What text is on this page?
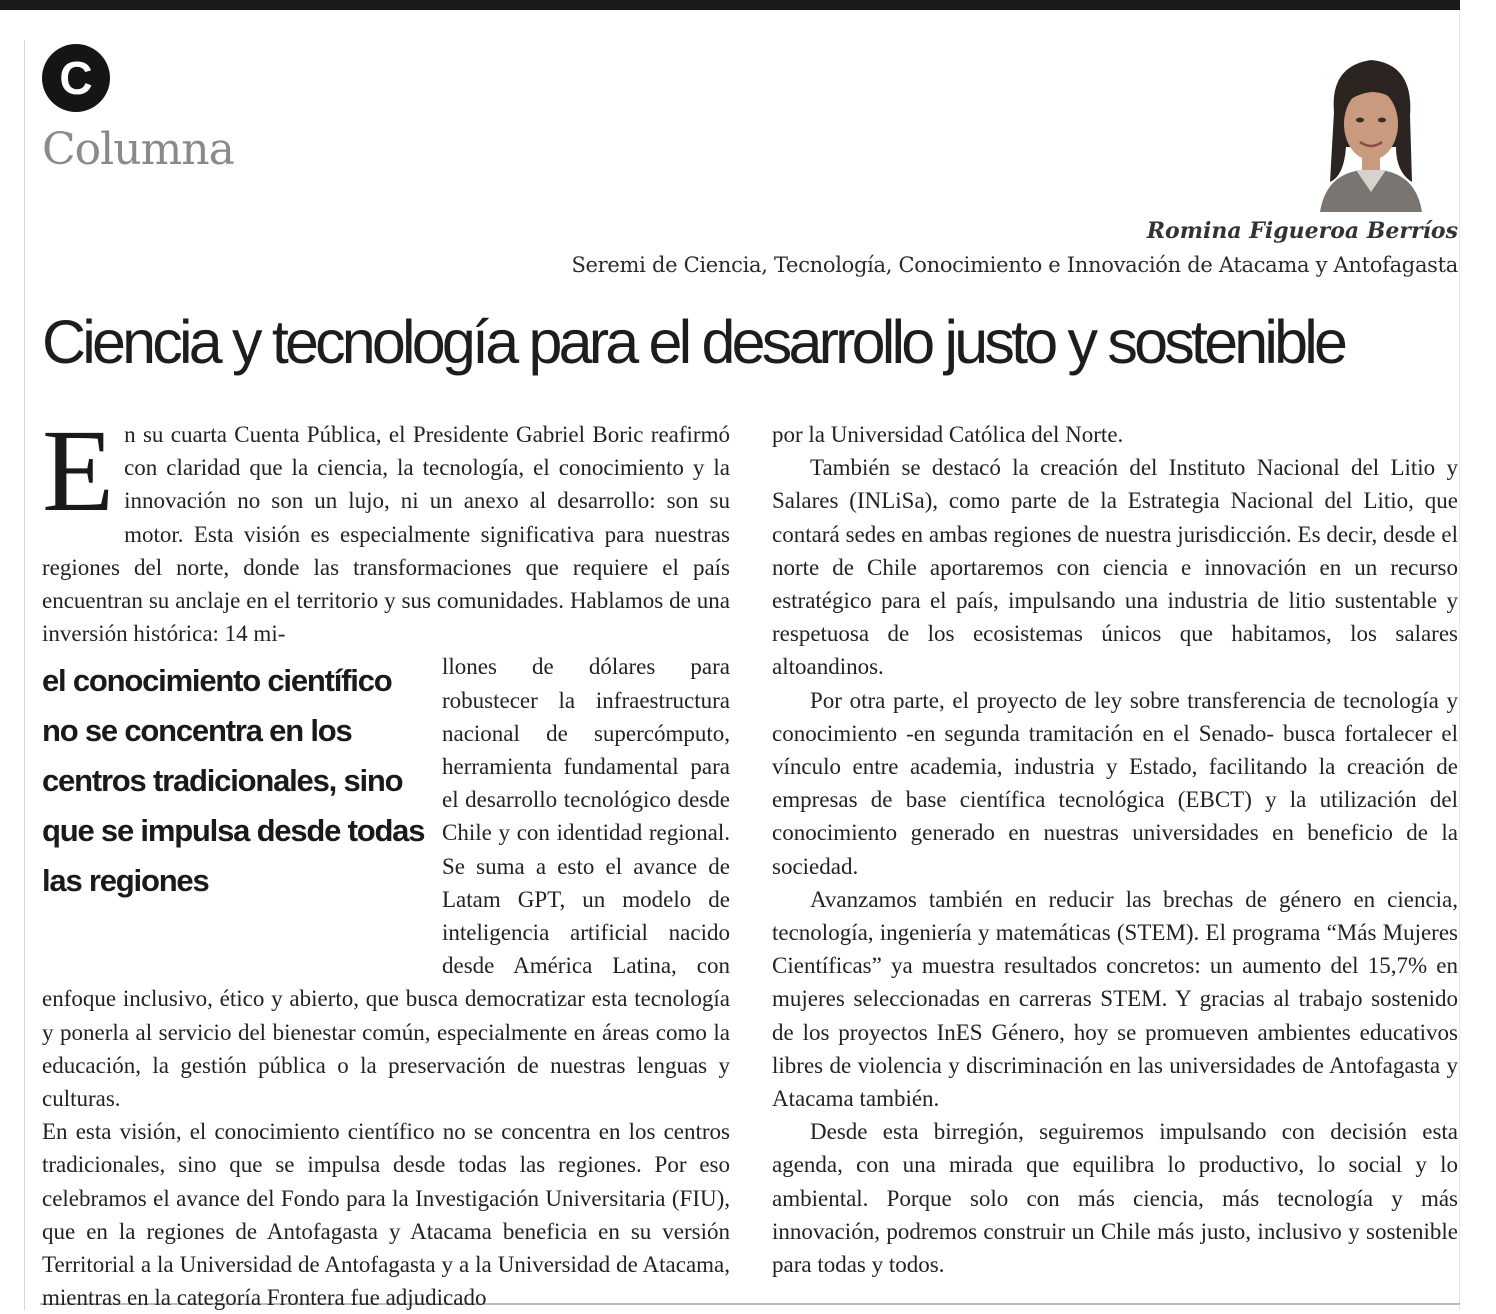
C
Columna
Romina Figueroa Berríos
Seremi de Ciencia, Tecnología, Conocimiento e Innovación de Atacama y Antofagasta
Ciencia y tecnología para el desarrollo justo y sostenible

En su cuarta Cuenta Pública, el Presidente Gabriel Boric reafirmó con claridad que la ciencia, la tecnología, el conocimiento y la innovación no son un lujo, ni un anexo al desarrollo: son su motor. Esta visión es especialmente significativa para nuestras regiones del norte, donde las transformaciones que requiere el país encuentran su anclaje en el territorio y sus comunidades. Hablamos de una inversión histórica: 14 mi-

el conocimiento científico no se concentra en los centros tradicionales, sino que se impulsa desde todas las regiones

llones de dólares para robustecer la infraestructura nacional de supercómputo, herramienta fundamental para el desarrollo tecnológico desde Chile y con identidad regional. Se suma a esto el avance de Latam GPT, un modelo de inteligencia artificial nacido desde América Latina, con enfoque inclusivo, ético y abierto, que busca democratizar esta tecnología y ponerla al servicio del bienestar común, especialmente en áreas como la educación, la gestión pública o la preservación de nuestras lenguas y culturas.

En esta visión, el conocimiento científico no se concentra en los centros tradicionales, sino que se impulsa desde todas las regiones. Por eso celebramos el avance del Fondo para la Investigación Universitaria (FIU), que en la regiones de Antofagasta y Atacama beneficia en su versión Territorial a la Universidad de Antofagasta y a la Universidad de Atacama, mientras en la categoría Frontera fue adjudicado

por la Universidad Católica del Norte.

También se destacó la creación del Instituto Nacional del Litio y Salares (INLiSa), como parte de la Estrategia Nacional del Litio, que contará sedes en ambas regiones de nuestra jurisdicción. Es decir, desde el norte de Chile aportaremos con ciencia e innovación en un recurso estratégico para el país, impulsando una industria de litio sustentable y respetuosa de los ecosistemas únicos que habitamos, los salares altoandinos.

Por otra parte, el proyecto de ley sobre transferencia de tecnología y conocimiento -en segunda tramitación en el Senado- busca fortalecer el vínculo entre academia, industria y Estado, facilitando la creación de empresas de base científica tecnológica (EBCT) y la utilización del conocimiento generado en nuestras universidades en beneficio de la sociedad.

Avanzamos también en reducir las brechas de género en ciencia, tecnología, ingeniería y matemáticas (STEM). El programa “Más Mujeres Científicas” ya muestra resultados concretos: un aumento del 15,7% en mujeres seleccionadas en carreras STEM. Y gracias al trabajo sostenido de los proyectos InES Género, hoy se promueven ambientes educativos libres de violencia y discriminación en las universidades de Antofagasta y Atacama también.

Desde esta birregión, seguiremos impulsando con decisión esta agenda, con una mirada que equilibra lo productivo, lo social y lo ambiental. Porque solo con más ciencia, más tecnología y más innovación, podremos construir un Chile más justo, inclusivo y sostenible para todas y todos.
